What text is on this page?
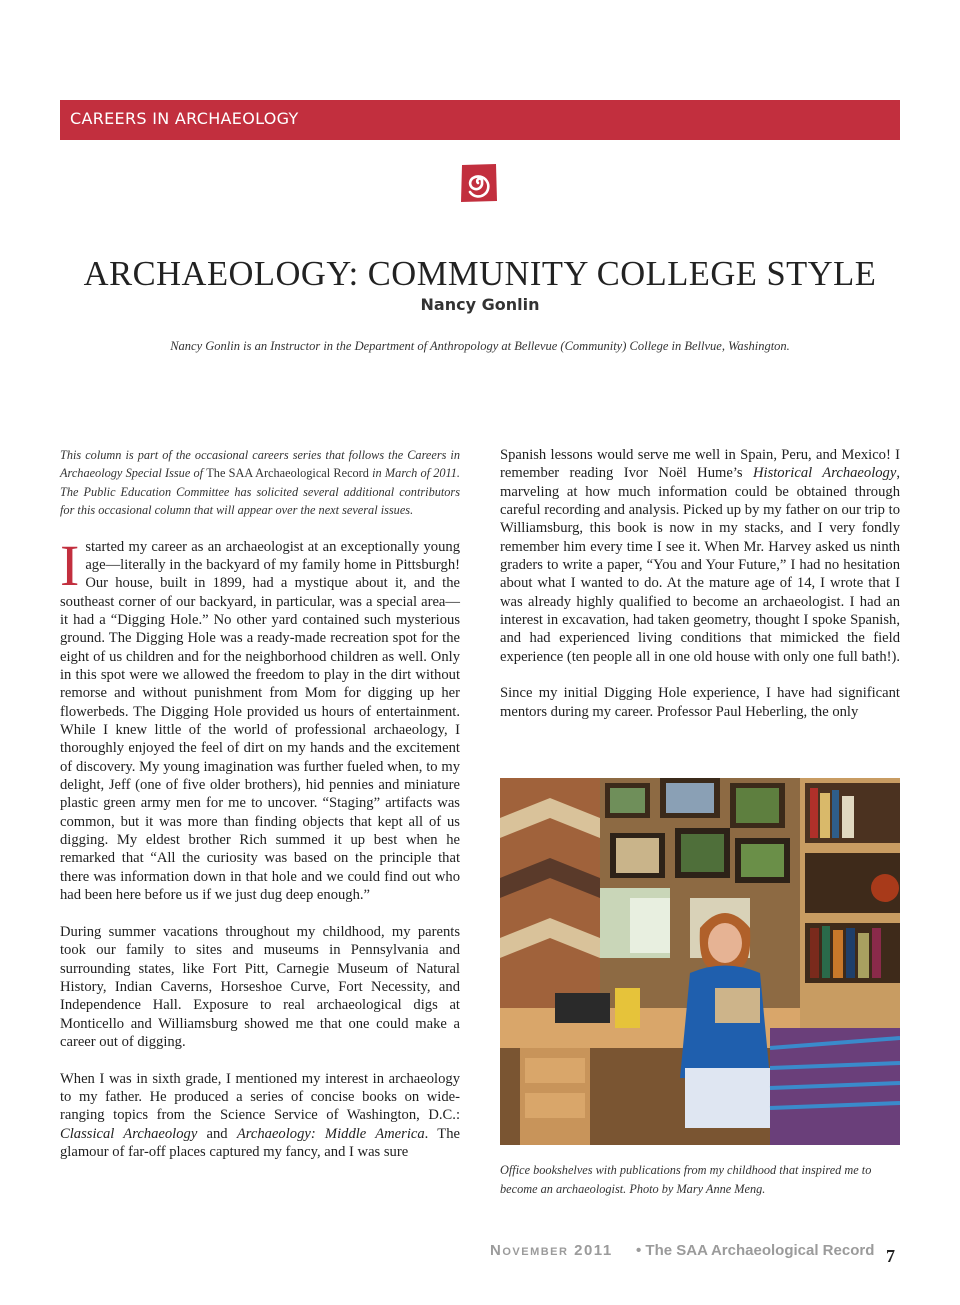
CAREERS IN ARCHAEOLOGY
ARCHAEOLOGY: COMMUNITY COLLEGE STYLE
Nancy Gonlin
Nancy Gonlin is an Instructor in the Department of Anthropology at Bellevue (Community) College in Bellvue, Washington.

This column is part of the occasional careers series that follows the Careers in Archaeology Special Issue of The SAA Archaeological Record in March of 2011. The Public Education Committee has solicited several additional contributors for this occasional column that will appear over the next several issues.

Istarted my career as an archaeologist at an exceptionally young age—literally in the backyard of my family home in Pittsburgh! Our house, built in 1899, had a mystique about it, and the southeast corner of our backyard, in particular, was a special area—it had a “Digging Hole.” No other yard contained such mysterious ground. The Digging Hole was a ready-made recreation spot for the eight of us children and for the neighborhood children as well. Only in this spot were we allowed the freedom to play in the dirt without remorse and without punishment from Mom for digging up her flowerbeds. The Digging Hole provided us hours of entertainment. While I knew little of the world of professional archaeology, I thoroughly enjoyed the feel of dirt on my hands and the excitement of discovery. My young imagination was further fueled when, to my delight, Jeff (one of five older brothers), hid pennies and miniature plastic green army men for me to uncover. “Staging” artifacts was common, but it was more than finding objects that kept all of us digging. My eldest brother Rich summed it up best when he remarked that “All the curiosity was based on the principle that there was information down in that hole and we could find out who had been here before us if we just dug deep enough.”

During summer vacations throughout my childhood, my parents took our family to sites and museums in Pennsylvania and surrounding states, like Fort Pitt, Carnegie Museum of Natural History, Indian Caverns, Horseshoe Curve, Fort Necessity, and Independence Hall. Exposure to real archaeological digs at Monticello and Williamsburg showed me that one could make a career out of digging.

When I was in sixth grade, I mentioned my interest in archaeology to my father. He produced a series of concise books on wide-ranging topics from the Science Service of Washington, D.C.: Classical Archaeology and Archaeology: Middle America. The glamour of far-off places captured my fancy, and I was sure

Spanish lessons would serve me well in Spain, Peru, and Mexico! I remember reading Ivor Noël Hume’s Historical Archaeology, marveling at how much information could be obtained through careful recording and analysis. Picked up by my father on our trip to Williamsburg, this book is now in my stacks, and I very fondly remember him every time I see it. When Mr. Harvey asked us ninth graders to write a paper, “You and Your Future,” I had no hesitation about what I wanted to do. At the mature age of 14, I wrote that I was already highly qualified to become an archaeologist. I had an interest in excavation, had taken geometry, thought I spoke Spanish, and had experienced living conditions that mimicked the field experience (ten people all in one old house with only one full bath!).

Since my initial Digging Hole experience, I have had significant mentors during my career. Professor Paul Heberling, the only

Office bookshelves with publications from my childhood that inspired me to become an archaeologist. Photo by Mary Anne Meng.
November 2011 • The SAA Archaeological Record 7
